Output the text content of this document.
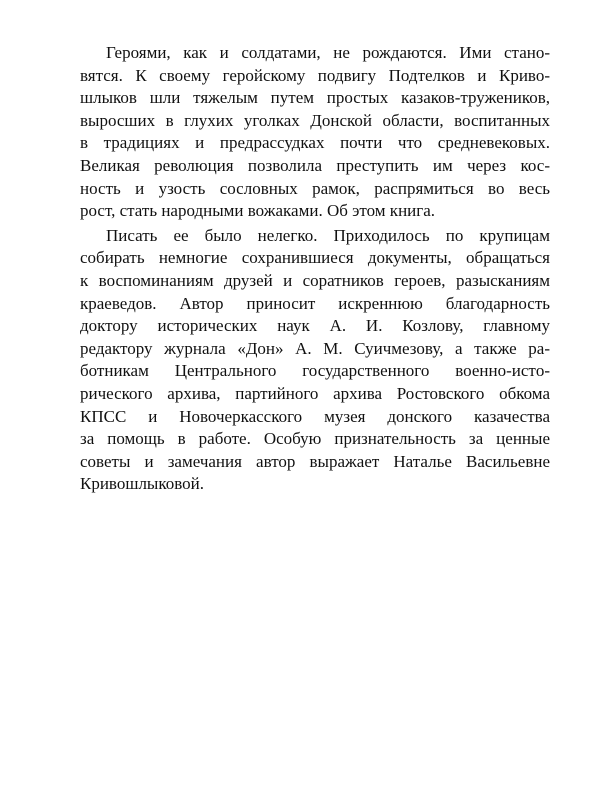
Героями, как и солдатами, не рождаются. Ими стано-
вятся. К своему геройскому подвигу Подтелков и Криво-
шлыков шли тяжелым путем простых казаков-тружеников,
выросших в глухих уголках Донской области, воспитанных
в традициях и предрассудках почти что средневековых.
Великая революция позволила преступить им через кос-
ность и узость сословных рамок, распрямиться во весь
рост, стать народными вожаками. Об этом книга.
Писать ее было нелегко. Приходилось по крупицам
собирать немногие сохранившиеся документы, обращаться
к воспоминаниям друзей и соратников героев, разысканиям
краеведов. Автор приносит искреннюю благодарность
доктору исторических наук А. И. Козлову, главному
редактору журнала «Дон» А. М. Суичмезову, а также ра-
ботникам Центрального государственного военно-истo-
рического архива, партийного архива Ростовского обкома
КПСС и Новочеркасского музея донского казачества
за помощь в работе. Особую признательность за ценные
советы и замечания автор выражает Наталье Васильевне
Кривошлыковой.
